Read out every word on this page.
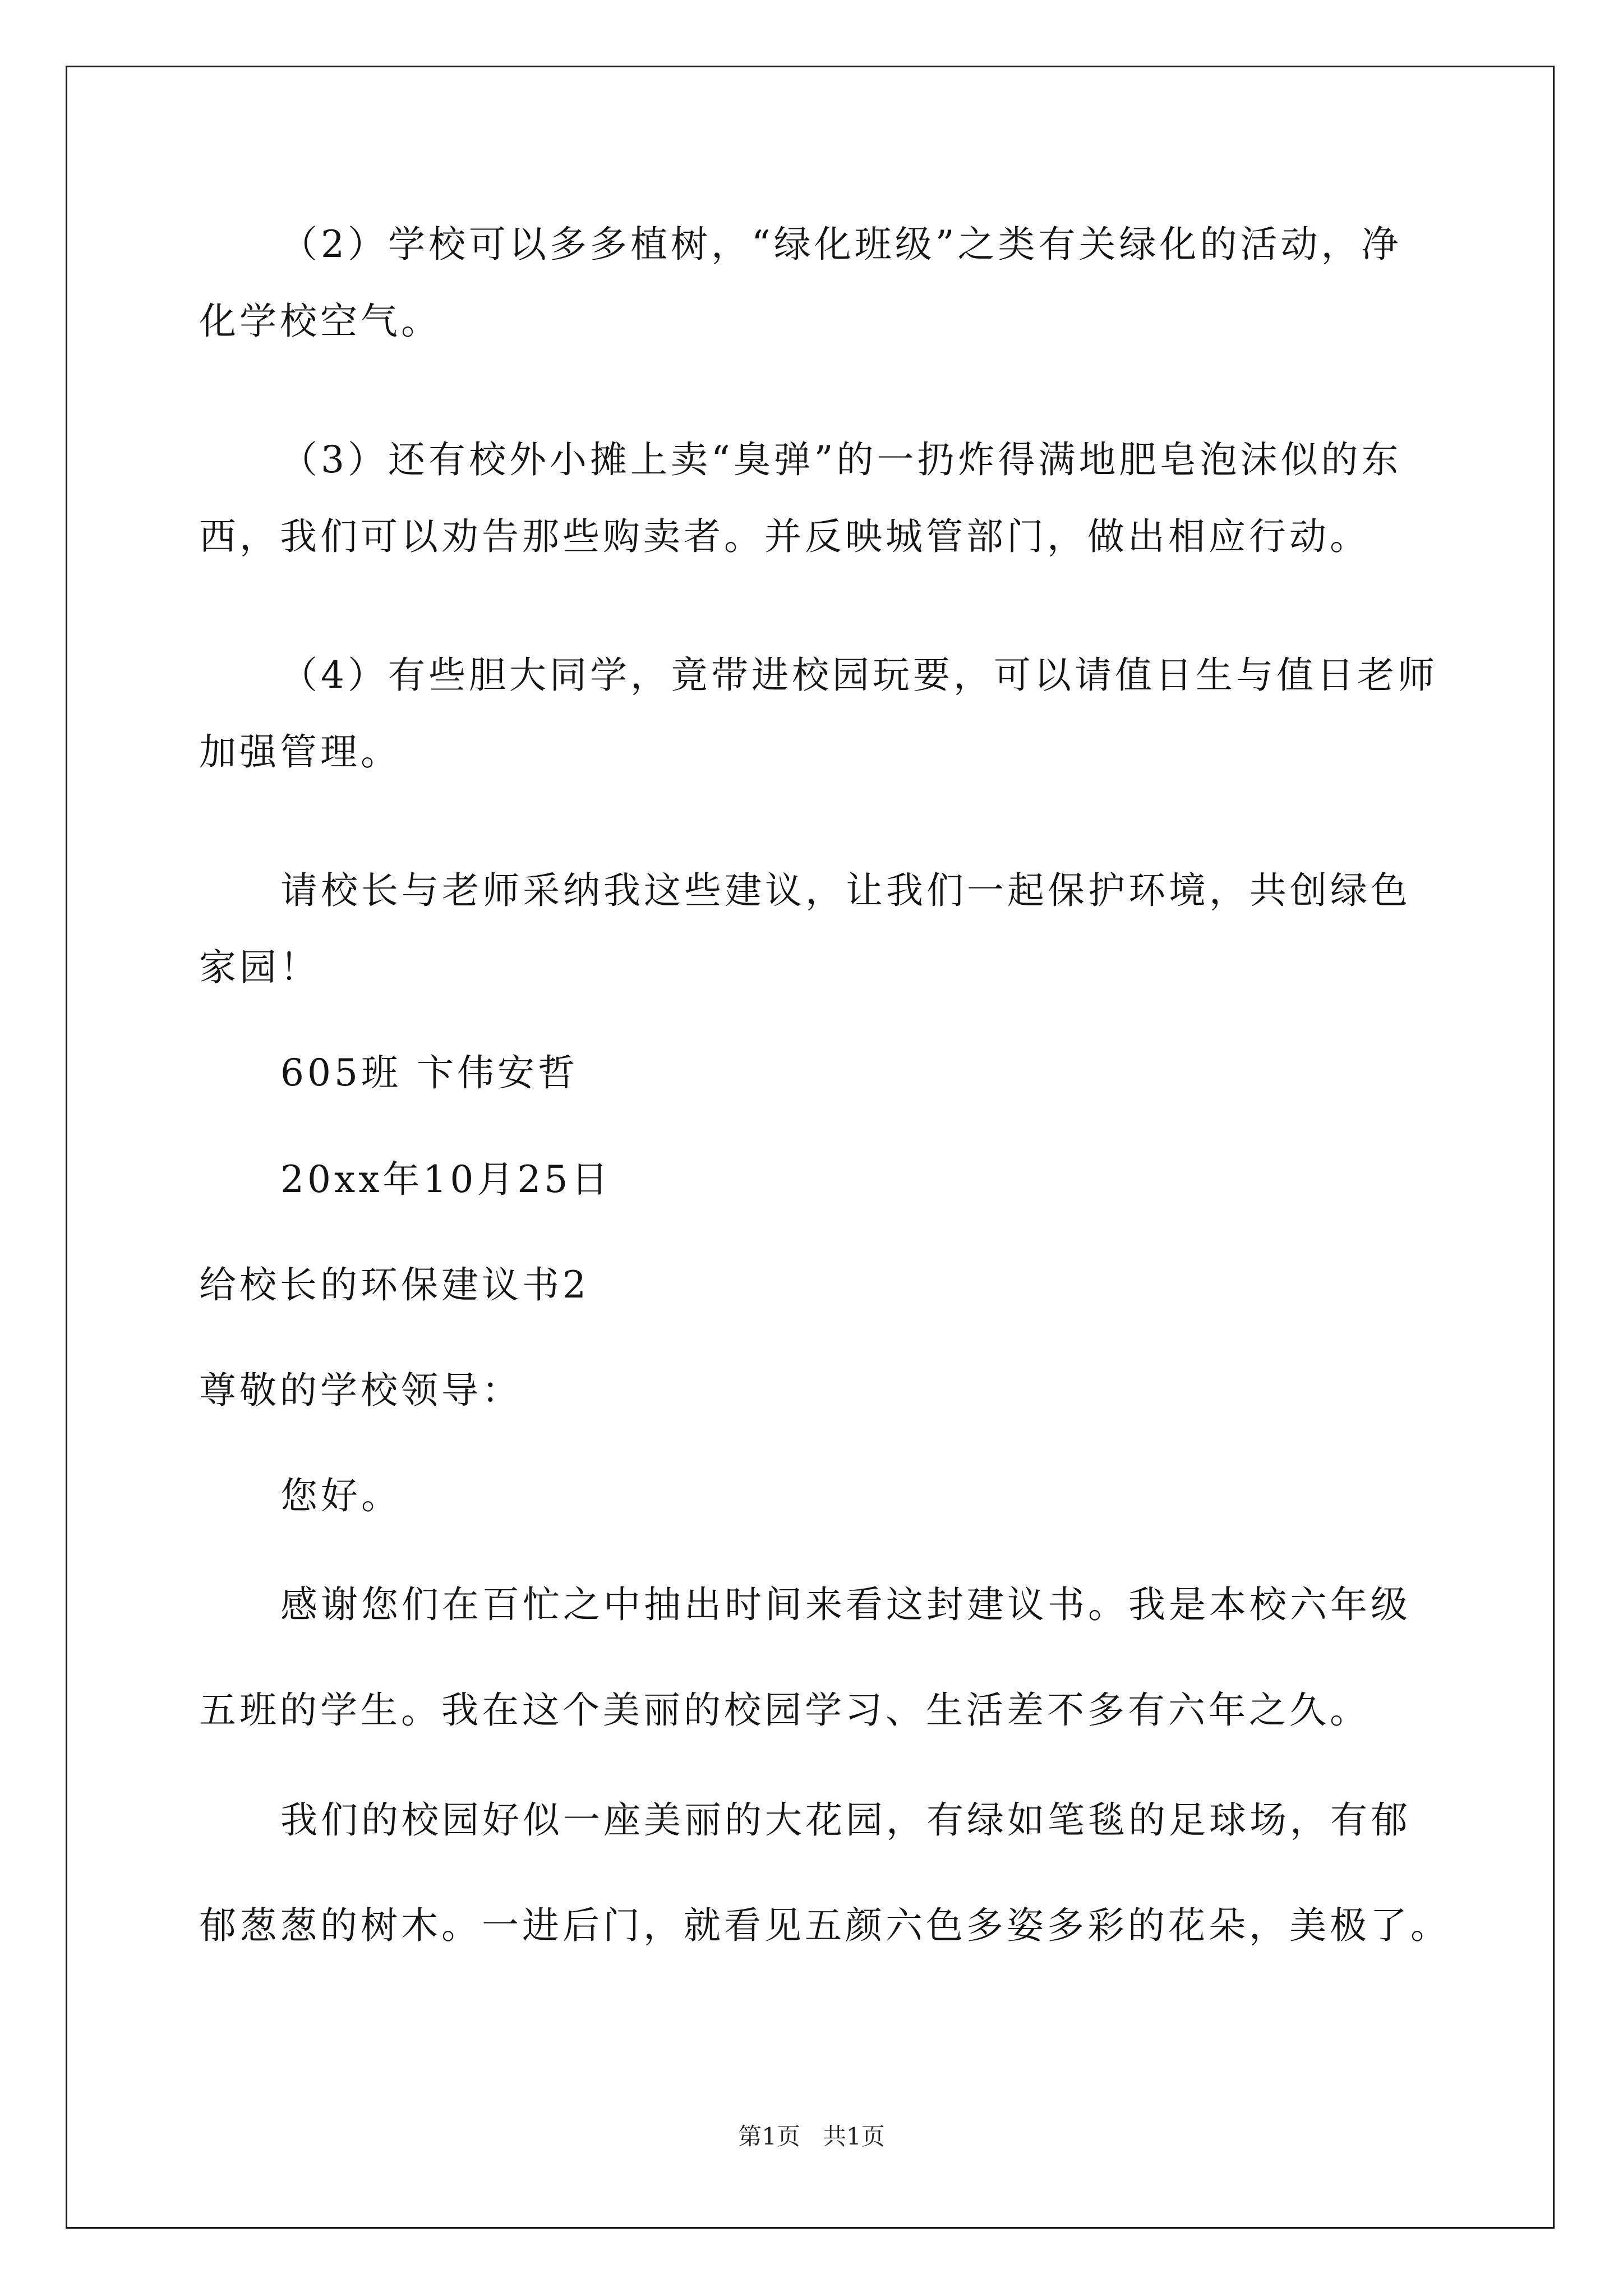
（2）学校可以多多植树，“绿化班级”之类有关绿化的活动，净
化学校空气。
（3）还有校外小摊上卖“臭弹”的一扔炸得满地肥皂泡沫似的东
西，我们可以劝告那些购卖者。并反映城管部门，做出相应行动。
（4）有些胆大同学，竟带进校园玩要，可以请值日生与值日老师
加强管理。
请校长与老师采纳我这些建议，让我们一起保护环境，共创绿色
家园！
605班 卞伟安哲
20xx年10月25日
给校长的环保建议书2
尊敬的学校领导：
您好。
感谢您们在百忙之中抽出时间来看这封建议书。我是本校六年级
五班的学生。我在这个美丽的校园学习、生活差不多有六年之久。
我们的校园好似一座美丽的大花园，有绿如笔毯的足球场，有郁
郁葱葱的树木。一进后门，就看见五颜六色多姿多彩的花朵，美极了。
第1页   共1页
